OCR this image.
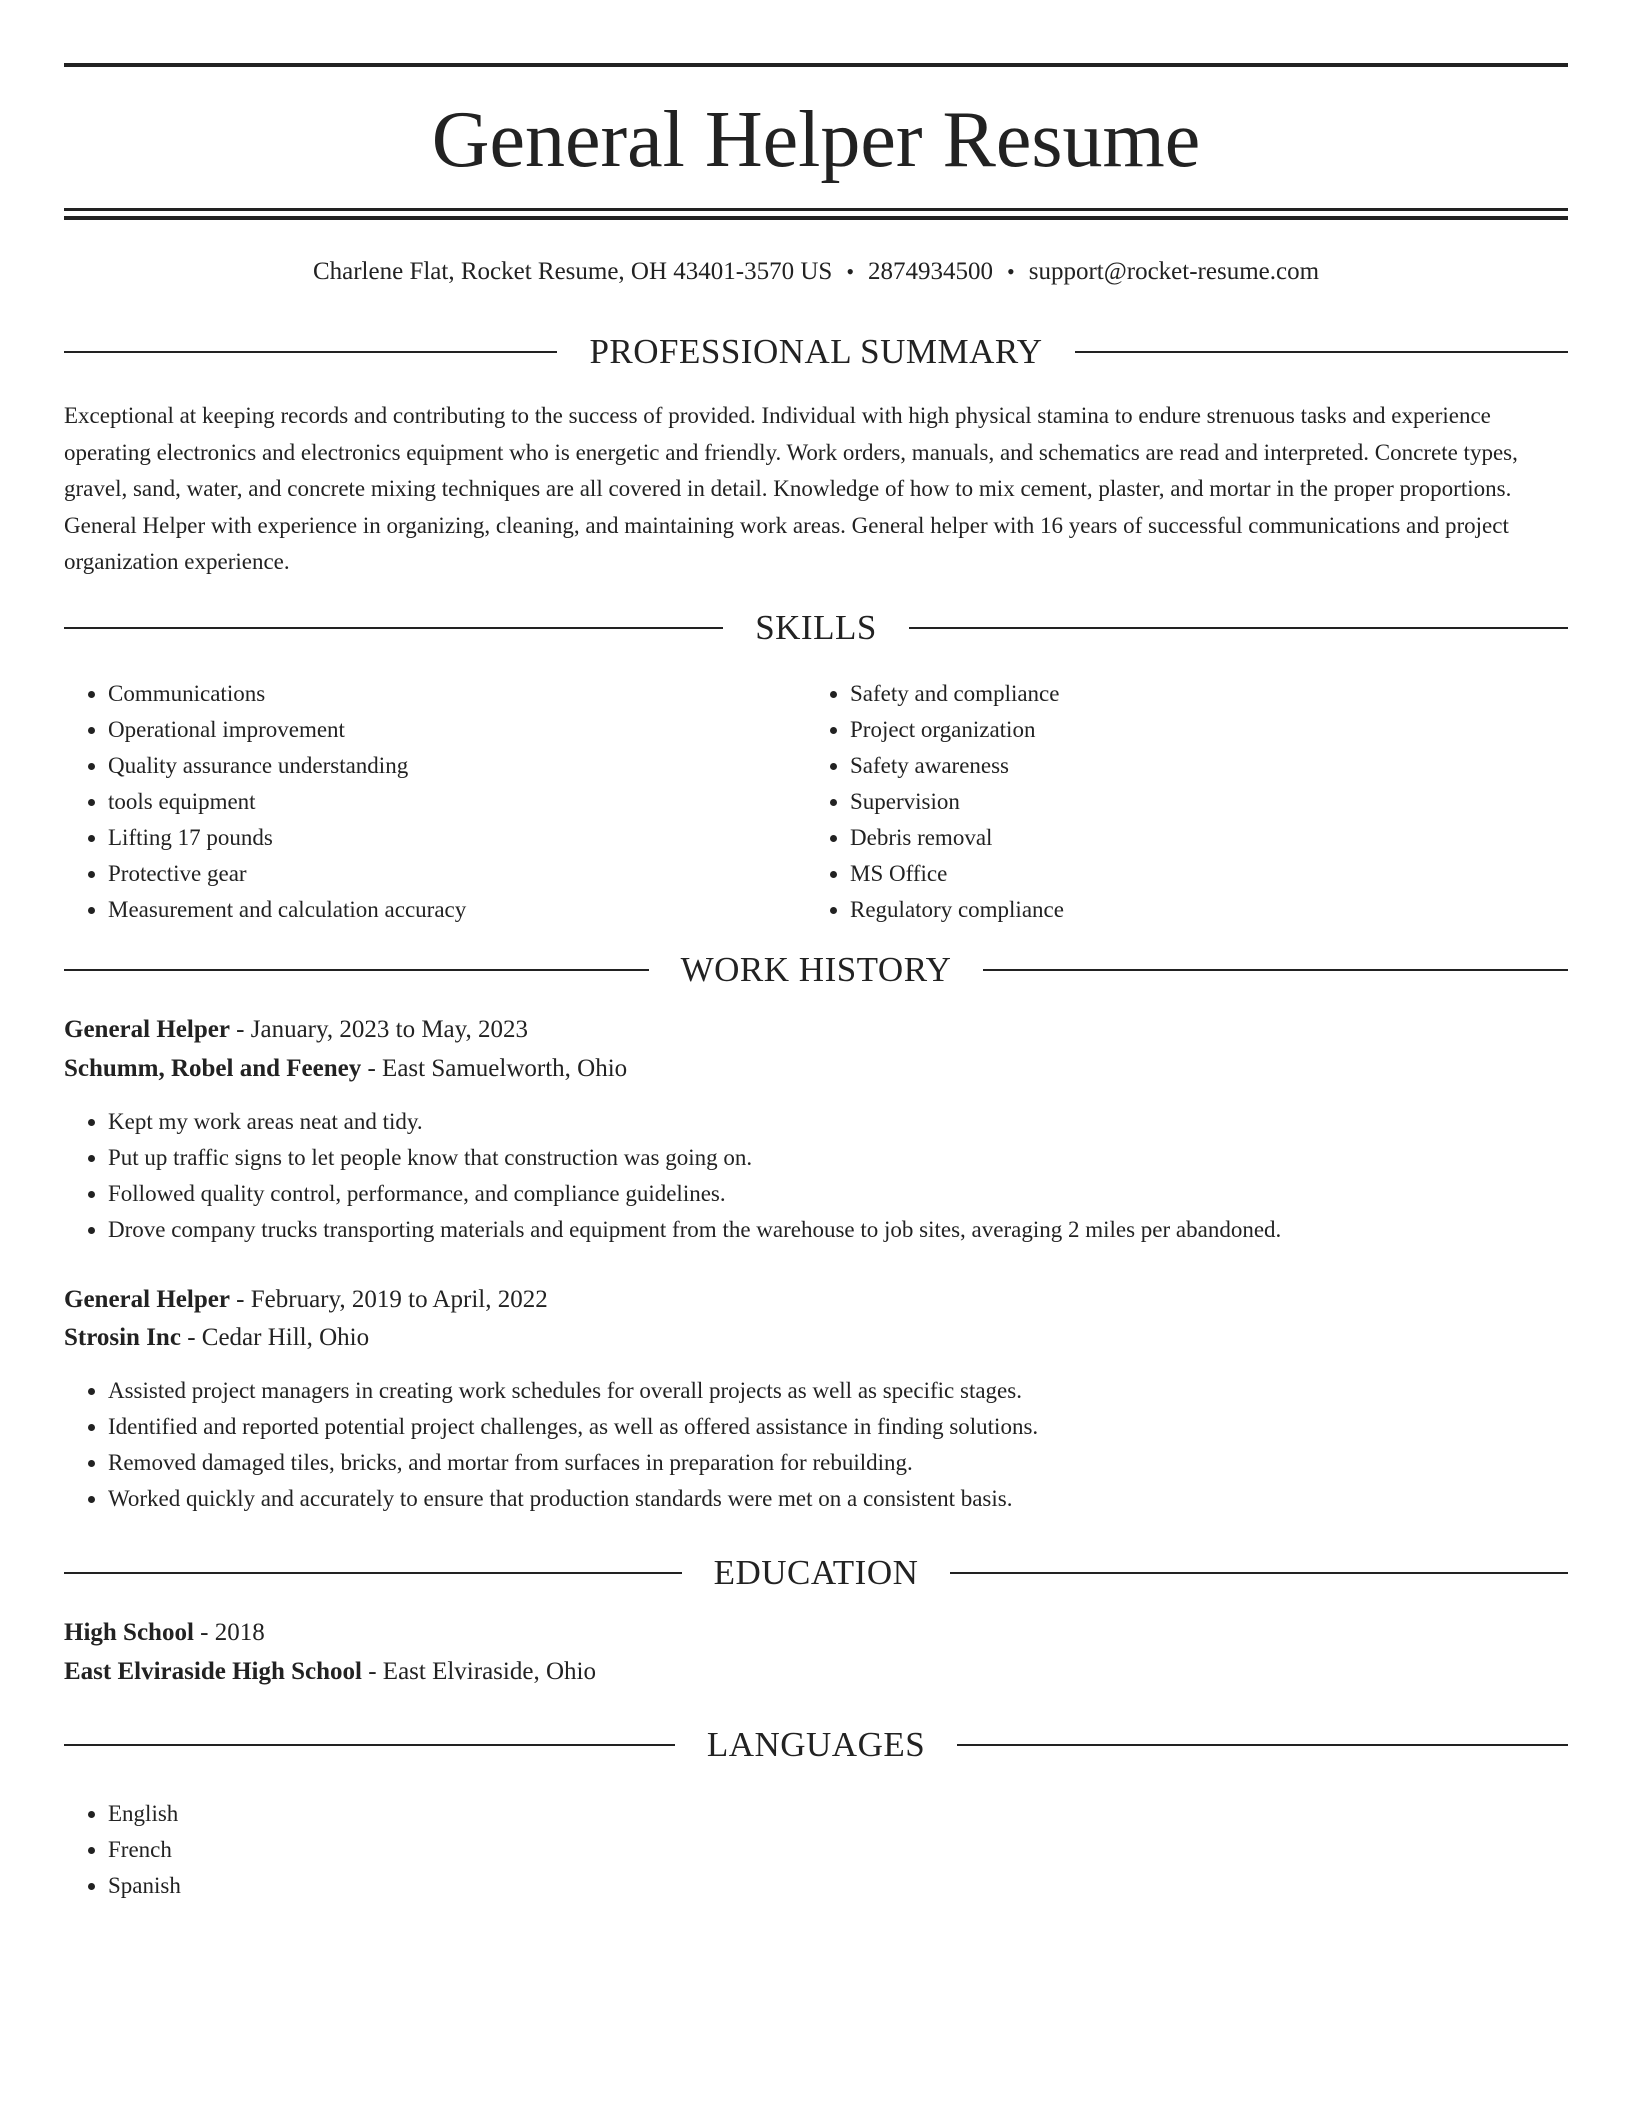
General Helper Resume
Charlene Flat, Rocket Resume, OH 43401-3570 US • 2874934500 • support@rocket-resume.com
PROFESSIONAL SUMMARY

Exceptional at keeping records and contributing to the success of provided. Individual with high physical stamina to endure strenuous tasks and experience operating electronics and electronics equipment who is energetic and friendly. Work orders, manuals, and schematics are read and interpreted. Concrete types, gravel, sand, water, and concrete mixing techniques are all covered in detail. Knowledge of how to mix cement, plaster, and mortar in the proper proportions. General Helper with experience in organizing, cleaning, and maintaining work areas. General helper with 16 years of successful communications and project organization experience.

SKILLS
• Communications
• Operational improvement
• Quality assurance understanding
• tools equipment
• Lifting 17 pounds
• Protective gear
• Measurement and calculation accuracy
• Safety and compliance
• Project organization
• Safety awareness
• Supervision
• Debris removal
• MS Office
• Regulatory compliance
WORK HISTORY

General Helper - January, 2023 to May, 2023

Schumm, Robel and Feeney - East Samuelworth, Ohio

• Kept my work areas neat and tidy.
• Put up traffic signs to let people know that construction was going on.
• Followed quality control, performance, and compliance guidelines.
• Drove company trucks transporting materials and equipment from the warehouse to job sites, averaging 2 miles per abandoned.

General Helper - February, 2019 to April, 2022

Strosin Inc - Cedar Hill, Ohio

• Assisted project managers in creating work schedules for overall projects as well as specific stages.
• Identified and reported potential project challenges, as well as offered assistance in finding solutions.
• Removed damaged tiles, bricks, and mortar from surfaces in preparation for rebuilding.
• Worked quickly and accurately to ensure that production standards were met on a consistent basis.
EDUCATION

High School - 2018

East Elviraside High School - East Elviraside, Ohio

LANGUAGES
• English
• French
• Spanish
